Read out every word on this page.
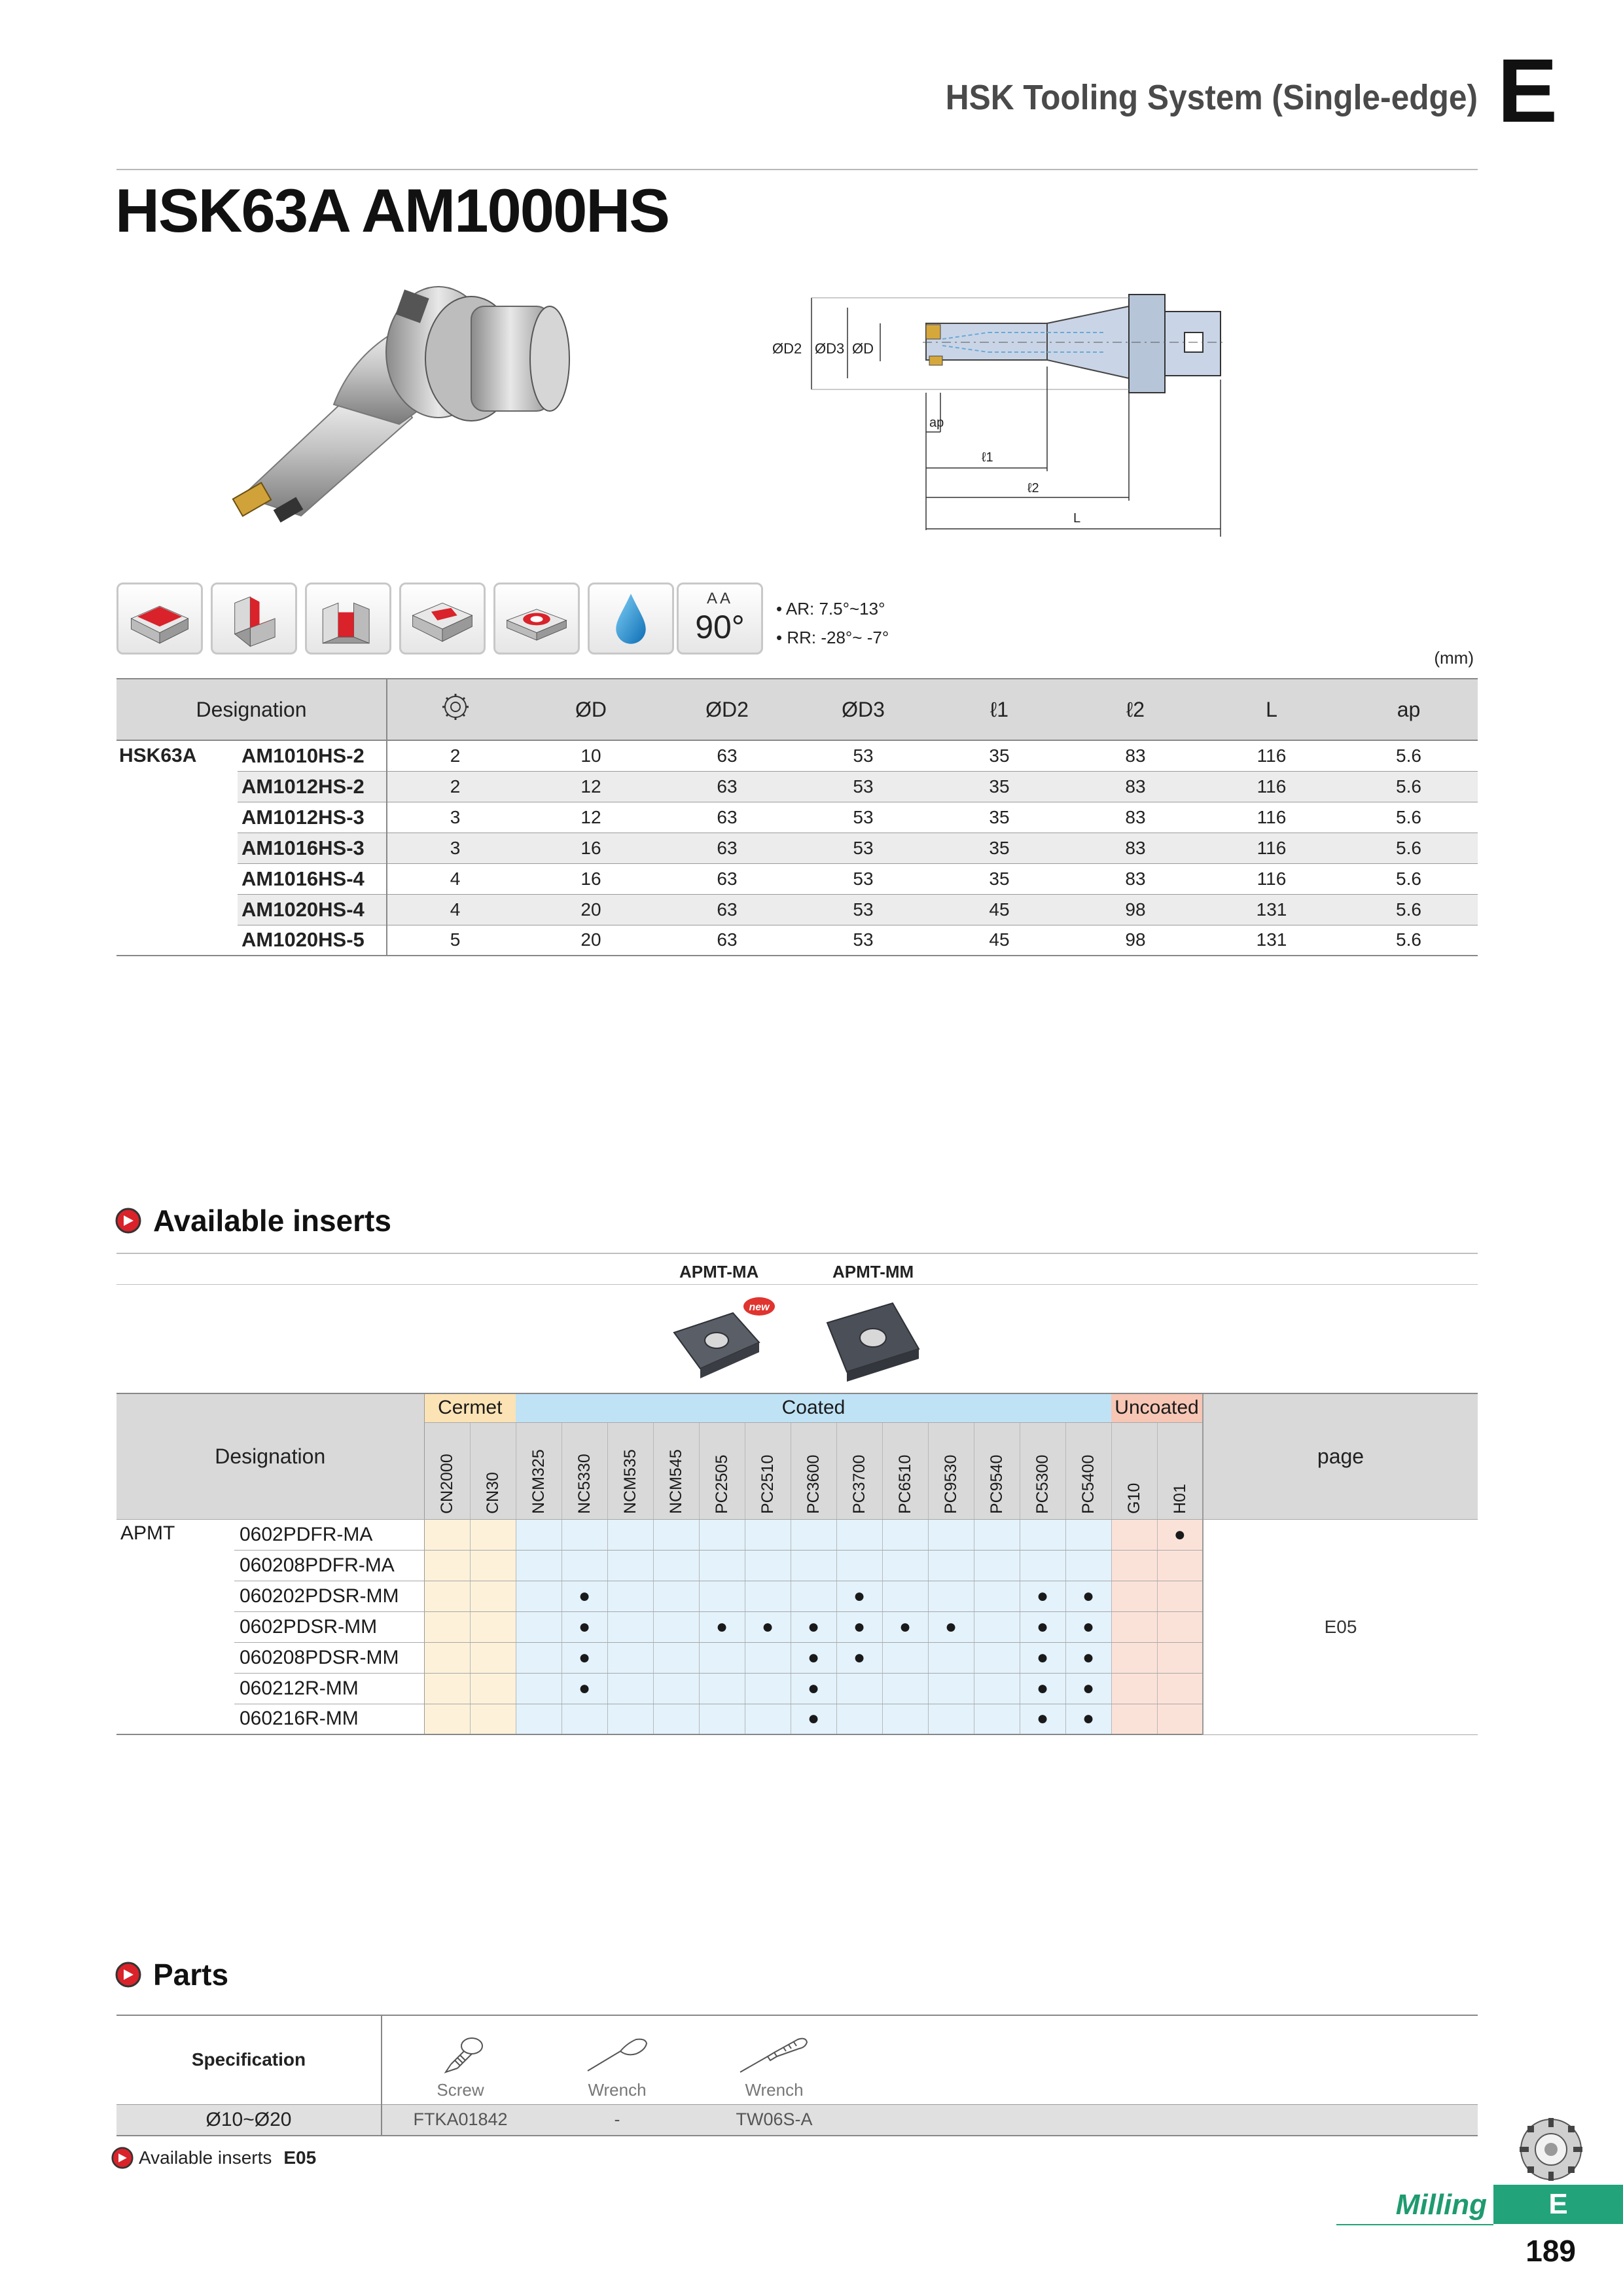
HSK Tooling System (Single-edge) E
HSK63A AM1000HS
ØD2 ØD3 ØD
ap
ℓ1
ℓ2
L
AA
90°	• AR: 7.5°~13°
• RR: -28°~ -7°
(mm)
Designation			ØD	ØD2	ØD3	ℓ1	ℓ2	L	ap
HSK63A	AM1010HS-2	2	10	63	53	35	83	116	5.6
	AM1012HS-2	2	12	63	53	35	83	116	5.6
	AM1012HS-3	3	12	63	53	35	83	116	5.6
	AM1016HS-3	3	16	63	53	35	83	116	5.6
	AM1016HS-4	4	16	63	53	35	83	116	5.6
	AM1020HS-4	4	20	63	53	45	98	131	5.6
	AM1020HS-5	5	20	63	53	45	98	131	5.6
Available inserts
APMT-MA	APMT-MM
new
Designation		Cermet		Coated													Uncoated		page

		CN2000	CN30	NCM325	NC5330	NCM535	NCM545	PC2505	PC2510	PC3600	PC3700	PC6510	PC9530	PC9540	PC5300	PC5400	G10	H01	

APMT	0602PDFR-MA																	●	E05
	060208PDFR-MA																		
	060202PDSR-MM				●						●				●	●			
	0602PDSR-MM				●			●	●	●	●	●	●		●	●			
	060208PDSR-MM				●					●	●				●	●			
	060212R-MM				●					●					●	●			
	060216R-MM									●					●	●			
Parts
Specification	Screw	Wrench	Wrench	

Ø10~Ø20	FTKA01842	-	TW06S-A	
Available inserts E05
Milling	E
189
